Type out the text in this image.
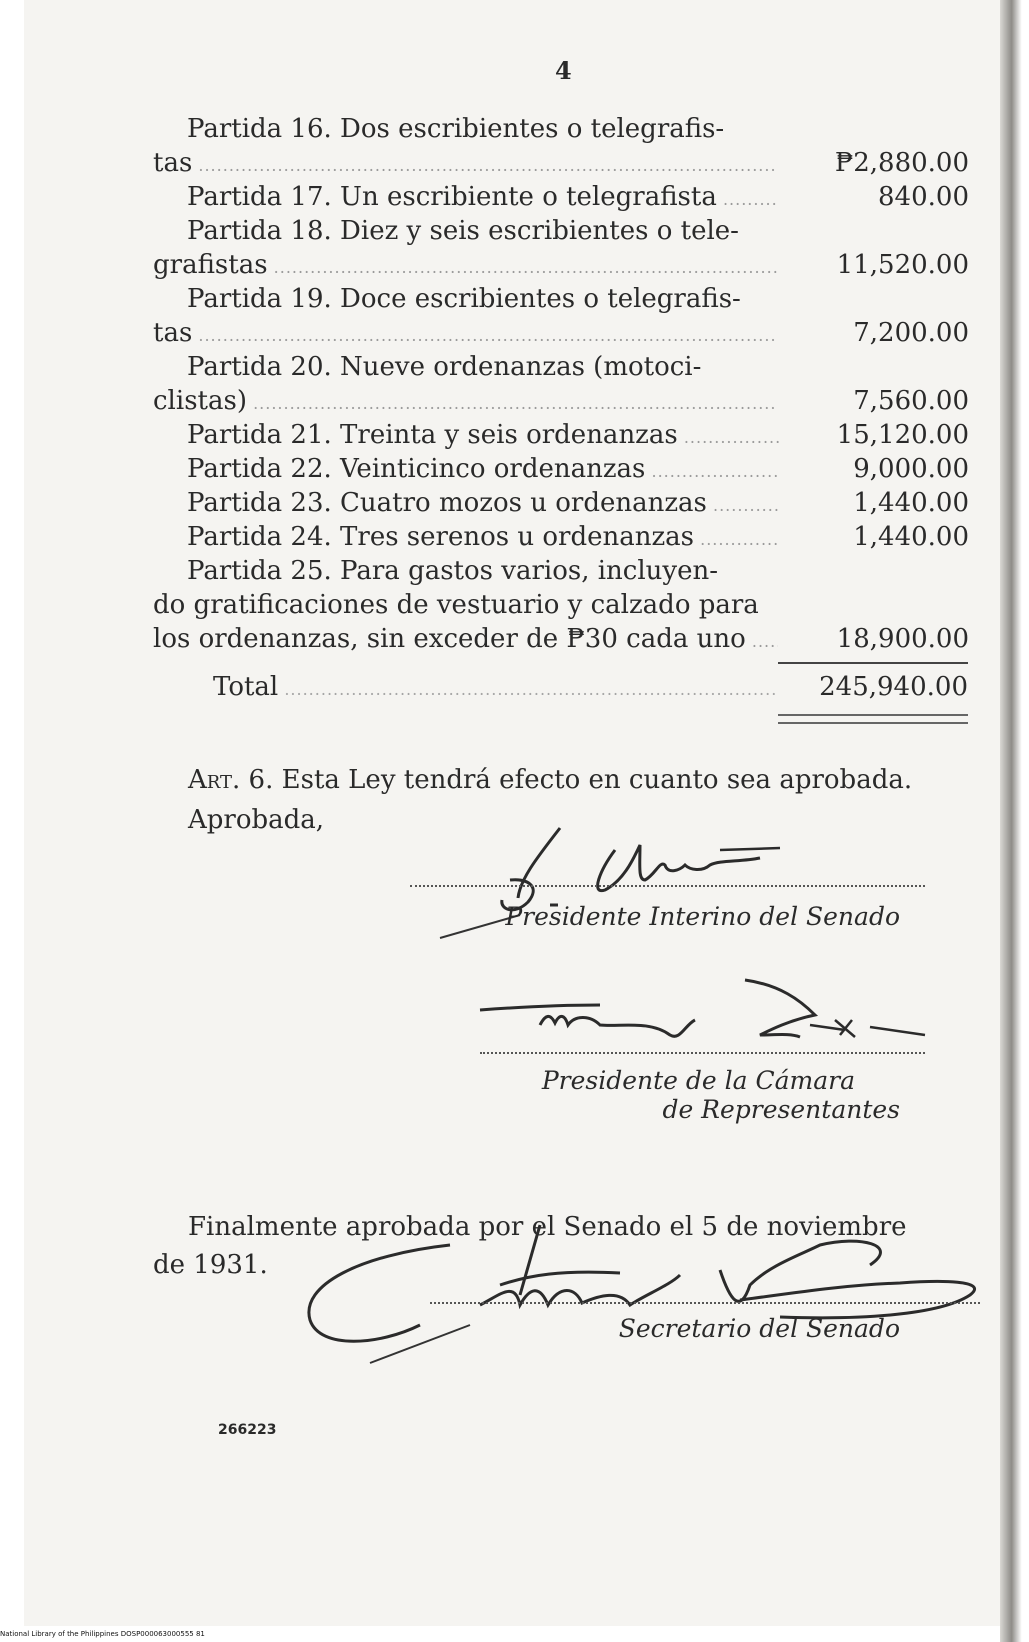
4
Partida 16. Dos escribientes o telegrafis-
tas .....	₱2,880.00
Partida 17. Un escribiente o telegrafista .....	840.00
Partida 18. Diez y seis escribientes o tele-
grafistas .....	11,520.00
Partida 19. Doce escribientes o telegrafis-
tas .....	7,200.00
Partida 20. Nueve ordenanzas (motoci-
clistas) .....	7,560.00
Partida 21. Treinta y seis ordenanzas .....	15,120.00
Partida 22. Veinticinco ordenanzas .....	9,000.00
Partida 23. Cuatro mozos u ordenanzas .....	1,440.00
Partida 24. Tres serenos u ordenanzas .....	1,440.00
Partida 25. Para gastos varios, incluyen-
do gratificaciones de vestuario y calzado para
los ordenanzas, sin exceder de ₱30 cada uno .....	18,900.00
Total .....	245,940.00
Art. 6. Esta Ley tendrá efecto en cuanto sea aprobada.
Aprobada,
Presidente Interino del Senado
Presidente de la Cámara
de Representantes
Finalmente aprobada por el Senado el 5 de noviembre
de 1931.
Secretario del Senado
266223
National Library of the Philippines DOSP000063000555 81
